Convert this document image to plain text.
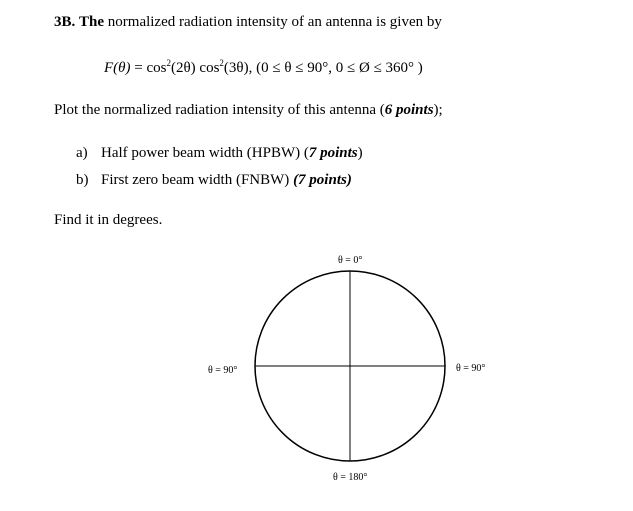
3B. The normalized radiation intensity of an antenna is given by
$F(\theta) = \cos^2(2\theta)$ $\cos^2(3\theta)$, (0 ≤ θ ≤ 90°, 0 ≤ Ø ≤ 360° )
Plot the normalized radiation intensity of this antenna (6 points);
a) Half power beam width (HPBW) (7 points)
b) First zero beam width (FNBW) (7 points)
Find it in degrees.
θ = 0°
θ = 90°	θ = 90°
θ = 180°
